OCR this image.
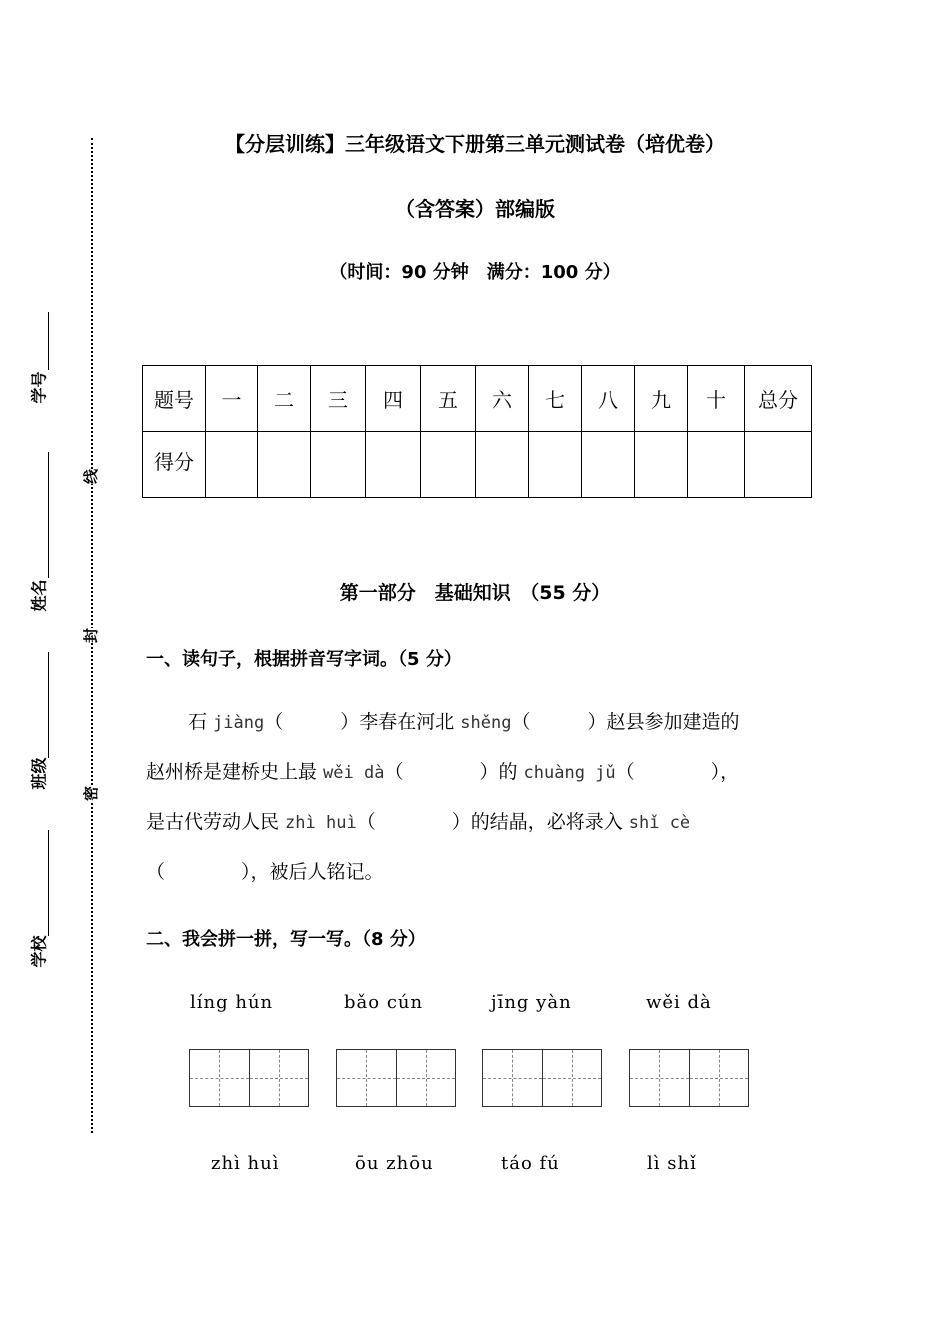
【分层训练】三年级语文下册第三单元测试卷（培优卷）
（含答案）部编版
（时间：90 分钟　满分：100 分）
线
封
密
学号
姓名
班级
学校
题号	一	二	三	四	五	六	七	八	九	十	总分
得分											
第一部分　基础知识　（55 分）
一、读句子，根据拼音写字词。（5 分）
石 jiàng（　　　）李春在河北 shěng（　　　）赵县参加建造的
赵州桥是建桥史上最 wěi dà（　　　　）的 chuàng jǔ（　　　　），
是古代劳动人民 zhì huì（　　　　）的结晶，必将录入 shǐ cè
（　　　　），被后人铭记。
二、我会拼一拼，写一写。（8 分）
líng hún	bǎo cún	jīng yàn	wěi dà
zhì huì	ōu zhōu	táo fú	lì shǐ
